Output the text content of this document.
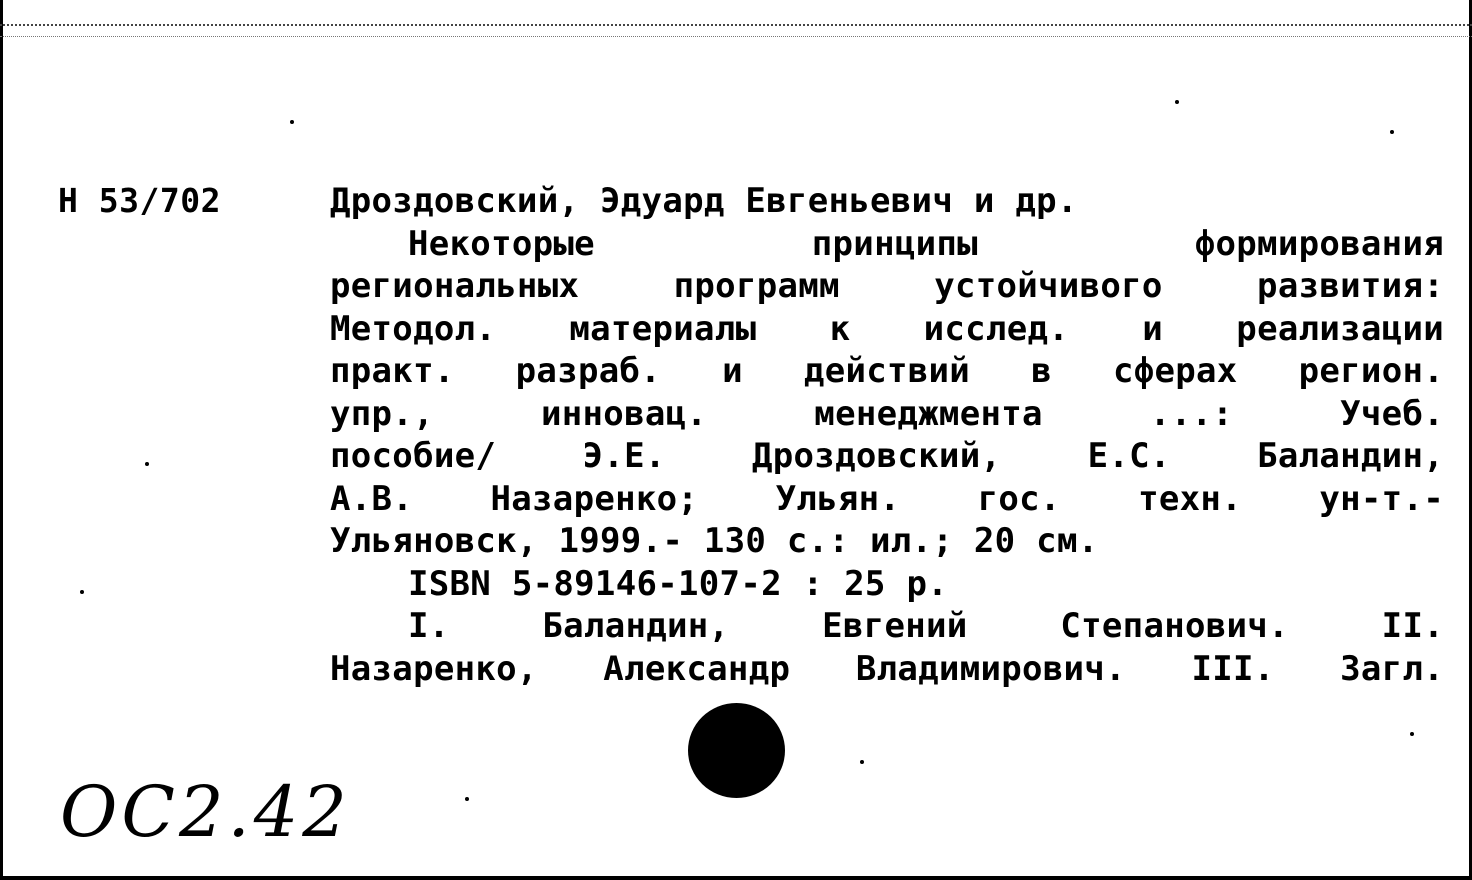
Н 53/702	Дроздовский, Эдуард Евгеньевич и др.
Некоторые принципы формирования
региональных программ устойчивого развития:
Методол. материалы к исслед. и реализации
практ. разраб. и действий в сферах регион.
упр., инновац. менеджмента ...: Учеб.
пособие/ Э.Е. Дроздовский, Е.С. Баландин,
А.В. Назаренко; Ульян. гос. техн. ун-т.-
Ульяновск, 1999.- 130 с.: ил.; 20 см.
ISBN 5-89146-107-2 : 25 р.
I. Баландин, Евгений Степанович. II.
Назаренко, Александр Владимирович. III. Загл.
ОС2.42
